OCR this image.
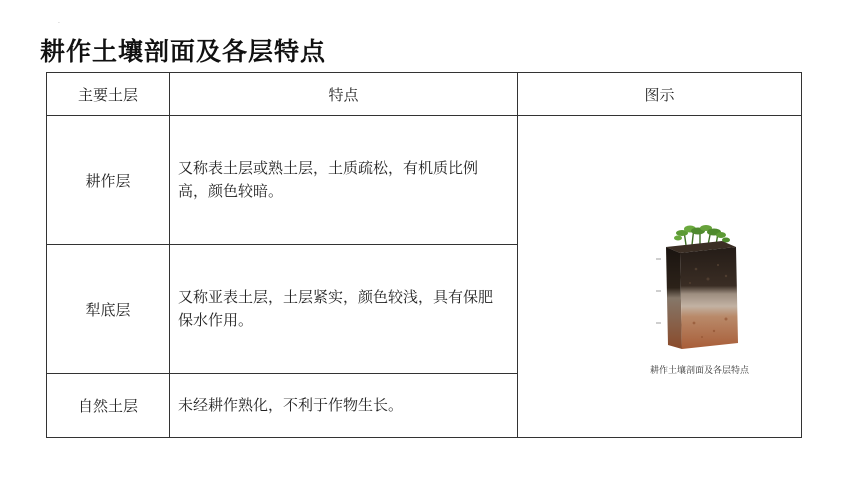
·
耕作土壤剖面及各层特点
主要土层	特点	图示
耕作层	又称表土层或熟土层，土质疏松，有机质比例高，颜色较暗。	耕作土壤剖面及各层特点

犁底层	又称亚表土层，土层紧实，颜色较浅，具有保肥保水作用。	
自然土层	未经耕作熟化，不利于作物生长。	
